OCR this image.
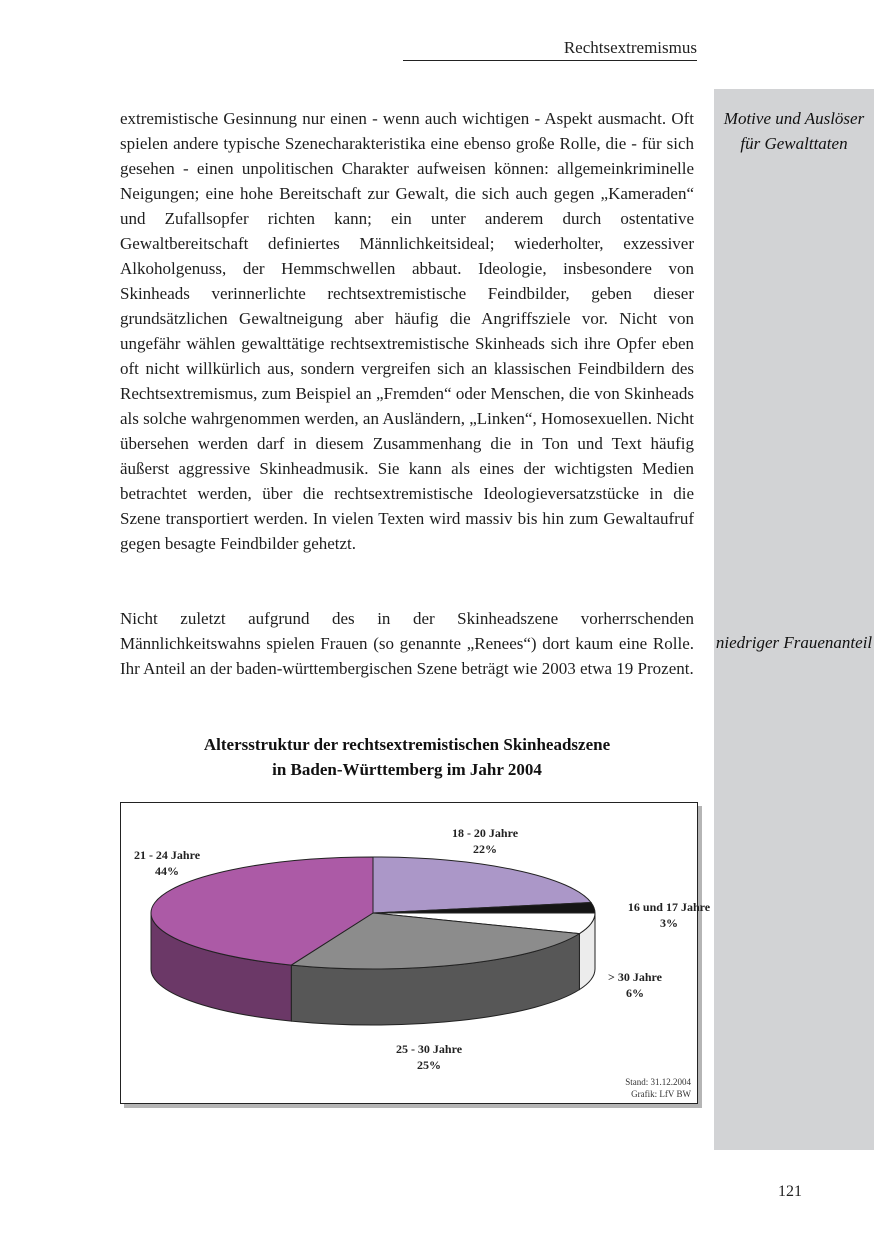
Rechtsextremismus
Motive und Auslöser für Gewalttaten
niedriger Frauenanteil

extremistische Gesinnung nur einen - wenn auch wichtigen - Aspekt ausmacht. Oft spielen andere typische Szenecharakteristika eine ebenso große Rolle, die - für sich gesehen - einen unpolitischen Charakter aufweisen können: allgemeinkriminelle Neigungen; eine hohe Bereitschaft zur Gewalt, die sich auch gegen „Kameraden“ und Zufallsopfer richten kann; ein unter anderem durch ostentative Gewaltbereitschaft definiertes Männlichkeitsideal; wiederholter, exzessiver Alkoholgenuss, der Hemmschwellen abbaut. Ideologie, insbesondere von Skinheads verinnerlichte rechtsextremistische Feindbilder, geben dieser grundsätzlichen Gewaltneigung aber häufig die Angriffsziele vor. Nicht von ungefähr wählen gewalttätige rechtsextremistische Skinheads sich ihre Opfer eben oft nicht willkürlich aus, sondern vergreifen sich an klassischen Feindbildern des Rechtsextremismus, zum Beispiel an „Fremden“ oder Menschen, die von Skinheads als solche wahrgenommen werden, an Ausländern, „Linken“, Homosexuellen. Nicht übersehen werden darf in diesem Zusammenhang die in Ton und Text häufig äußerst aggressive Skinheadmusik. Sie kann als eines der wichtigsten Medien betrachtet werden, über die rechtsextremistische Ideologieversatzstücke in die Szene transportiert werden. In vielen Texten wird massiv bis hin zum Gewaltaufruf gegen besagte Feindbilder gehetzt.

Nicht zuletzt aufgrund des in der Skinheadszene vorherrschenden Männlichkeitswahns spielen Frauen (so genannte „Renees“) dort kaum eine Rolle. Ihr Anteil an der baden-württembergischen Szene beträgt wie 2003 etwa 19 Prozent.

Altersstruktur der rechtsextremistischen Skinheadszene
in Baden-Württemberg im Jahr 2004
18 - 20 Jahre
22%
16 und 17 Jahre
3%
> 30 Jahre
6%
25 - 30 Jahre
25%
21 - 24 Jahre
44%
Stand: 31.12.2004
Grafik: LfV BW
121
